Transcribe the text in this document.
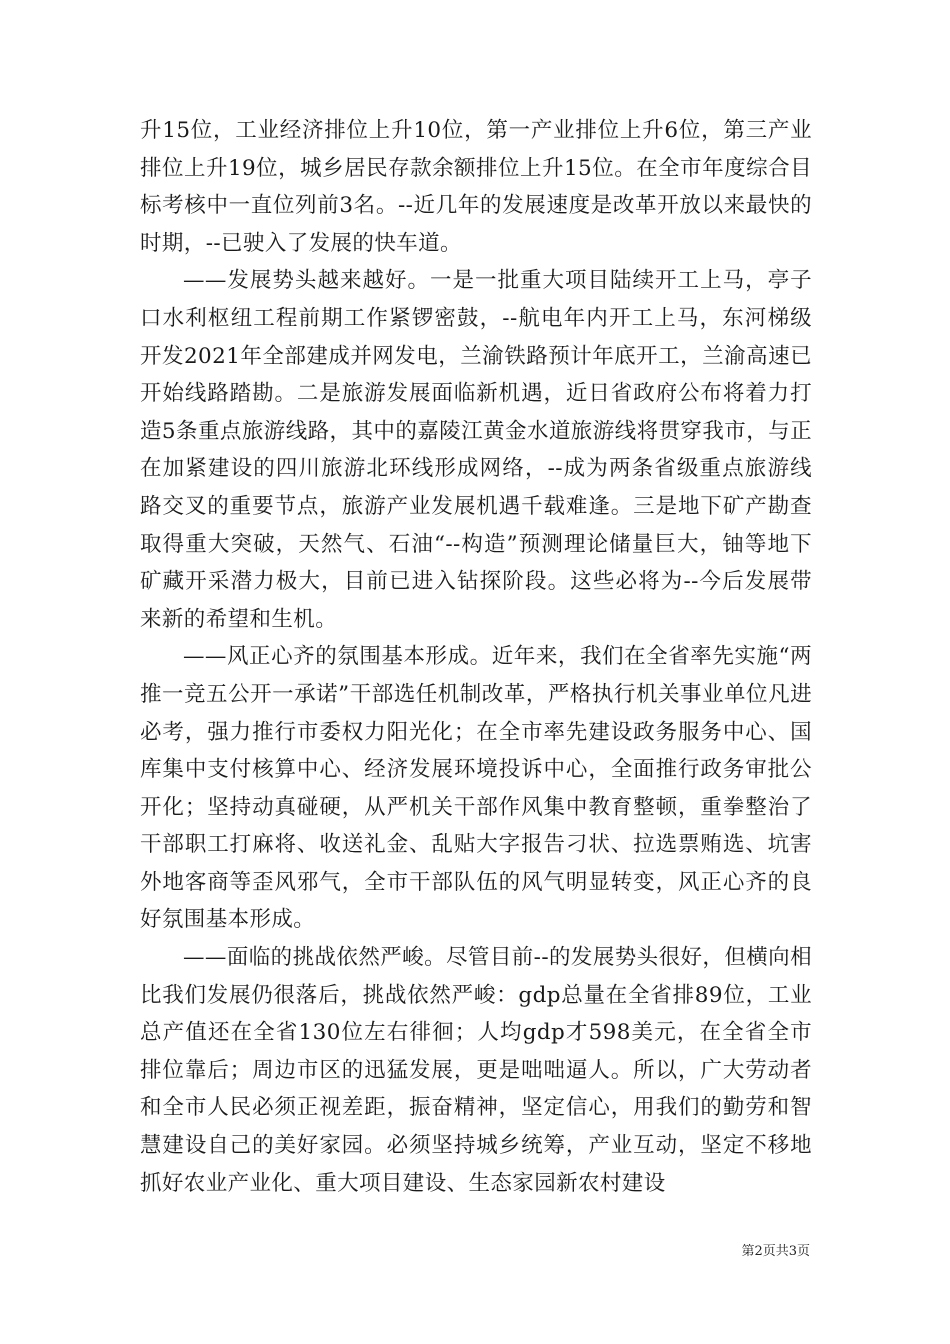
升15位，工业经济排位上升10位，第一产业排位上升6位，第三产业排位上升19位，城乡居民存款余额排位上升15位。在全市年度综合目标考核中一直位列前3名。--近几年的发展速度是改革开放以来最快的时期，--已驶入了发展的快车道。

——发展势头越来越好。一是一批重大项目陆续开工上马，亭子口水利枢纽工程前期工作紧锣密鼓，--航电年内开工上马，东河梯级开发2021年全部建成并网发电，兰渝铁路预计年底开工，兰渝高速已开始线路踏勘。二是旅游发展面临新机遇，近日省政府公布将着力打造5条重点旅游线路，其中的嘉陵江黄金水道旅游线将贯穿我市，与正在加紧建设的四川旅游北环线形成网络，--成为两条省级重点旅游线路交叉的重要节点，旅游产业发展机遇千载难逢。三是地下矿产勘查取得重大突破，天然气、石油“--构造”预测理论储量巨大，铀等地下矿藏开采潜力极大，目前已进入钻探阶段。这些必将为--今后发展带来新的希望和生机。

——风正心齐的氛围基本形成。近年来，我们在全省率先实施“两推一竞五公开一承诺”干部选任机制改革，严格执行机关事业单位凡进必考，强力推行市委权力阳光化；在全市率先建设政务服务中心、国库集中支付核算中心、经济发展环境投诉中心，全面推行政务审批公开化；坚持动真碰硬，从严机关干部作风集中教育整顿，重拳整治了干部职工打麻将、收送礼金、乱贴大字报告刁状、拉选票贿选、坑害外地客商等歪风邪气，全市干部队伍的风气明显转变，风正心齐的良好氛围基本形成。

——面临的挑战依然严峻。尽管目前--的发展势头很好，但横向相比我们发展仍很落后，挑战依然严峻：gdp总量在全省排89位，工业总产值还在全省130位左右徘徊；人均gdp才598美元，在全省全市排位靠后；周边市区的迅猛发展，更是咄咄逼人。所以，广大劳动者和全市人民必须正视差距，振奋精神，坚定信心，用我们的勤劳和智慧建设自己的美好家园。必须坚持城乡统筹，产业互动，坚定不移地抓好农业产业化、重大项目建设、生态家园新农村建设

第2页共3页
